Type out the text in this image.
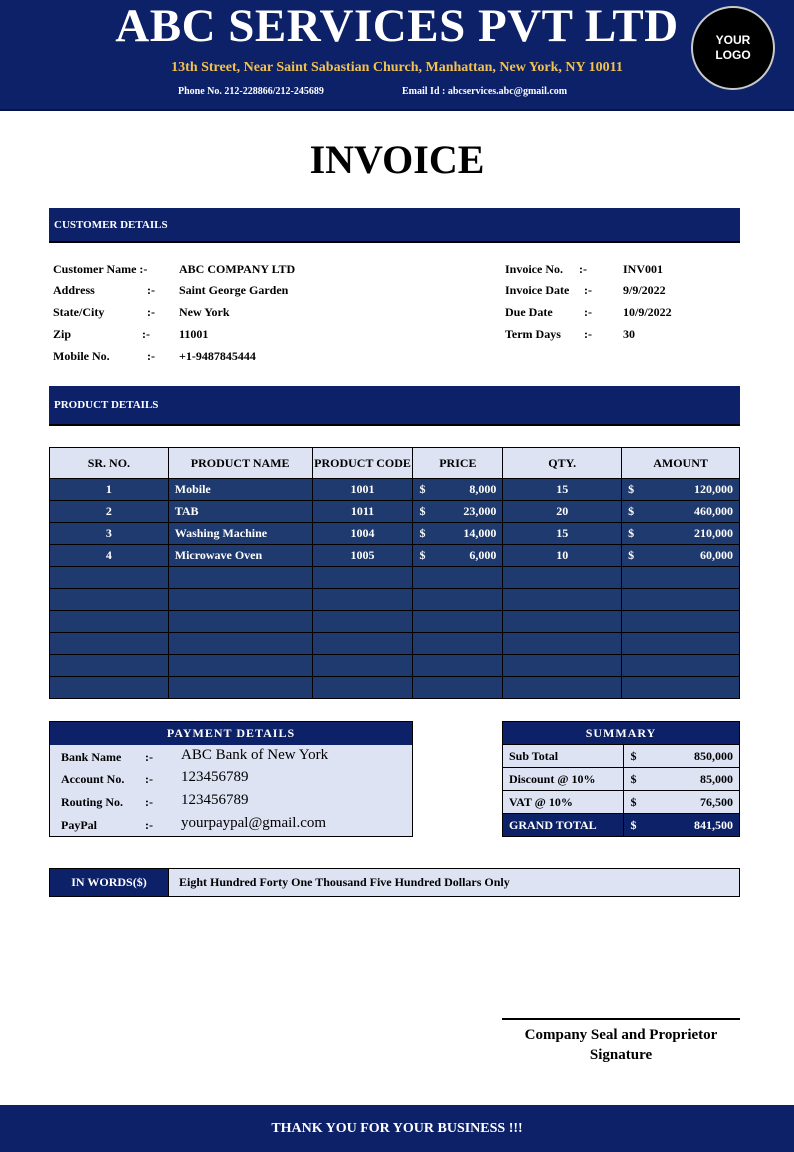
ABC SERVICES PVT LTD
13th Street, Near Saint Sabastian Church, Manhattan, New York, NY 10011
Phone No. 212-228866/212-245689	Email Id : abcservices.abc@gmail.com
YOUR
LOGO
INVOICE
CUSTOMER DETAILS
Customer Name :-	ABC COMPANY LTD
Address	:- Saint George Garden
State/City	:- New York
Zip	:- 11001
Mobile No.	:- +1-9487845444
Invoice No. :-	INV001
Invoice Date :-	9/9/2022
Due Date	:-	10/9/2022
Term Days :-	30
PRODUCT DETAILS
SR. NO.	PRODUCT NAME	PRODUCT CODE	PRICE	QTY.	AMOUNT
1	Mobile	1001	$ 8,000	15	$ 120,000

2	TAB	1011	$ 23,000	20	$ 460,000

3	Washing Machine	1004	$ 14,000	15	$ 210,000

4	Microwave Oven	1005	$ 6,000	10	$ 60,000

PAYMENT DETAILS
Bank Name :- ABC Bank of New York
Account No. :- 123456789
Routing No. :- 123456789
PayPal	:- yourpaypal@gmail.com
SUMMARY	
Sub Total	$ 850,000

Discount @ 10%	$ 85,000

VAT @ 10%	$ 76,500

GRAND TOTAL	$ 841,500
IN WORDS($)	Eight Hundred Forty One Thousand Five Hundred Dollars Only
Company Seal and Proprietor
Signature
THANK YOU FOR YOUR BUSINESS !!!
